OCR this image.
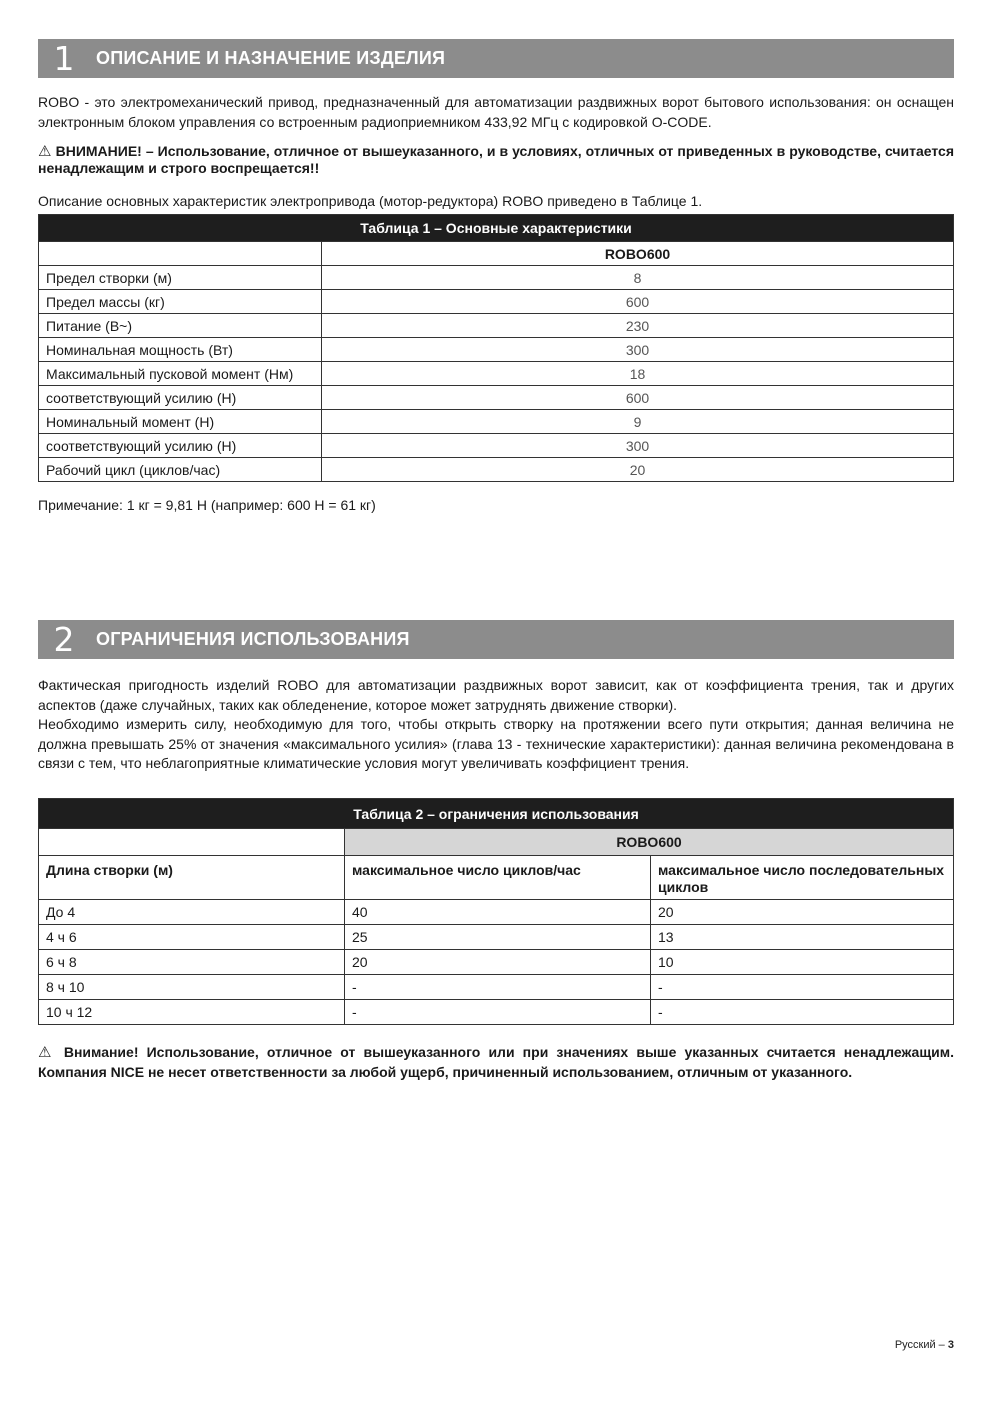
1	ОПИСАНИЕ И НАЗНАЧЕНИЕ ИЗДЕЛИЯ
ROBO - это электромеханический привод, предназначенный для автоматизации раздвижных ворот бытового использования: он оснащен электронным блоком управления со встроенным радиоприемником 433,92 МГц с кодировкой O-CODE.
⚠ ВНИМАНИЕ! – Использование, отличное от вышеуказанного, и в условиях, отличных от приведенных в руководстве, считается ненадлежащим и строго воспрещается!!
Описание основных характеристик электропривода (мотор-редуктора) ROBO приведено в Таблице 1.
Таблица 1 – Основные характеристики	
	ROBO600
Предел створки (м)	8
Предел массы (кг)	600
Питание (В~)	230
Номинальная мощность (Вт)	300
Максимальный пусковой момент (Нм)	18
соответствующий усилию (Н)	600
Номинальный момент (Н)	9
соответствующий усилию (Н)	300
Рабочий цикл (циклов/час)	20
Примечание: 1 кг = 9,81 Н (например: 600 Н = 61 кг)
2	ОГРАНИЧЕНИЯ ИСПОЛЬЗОВАНИЯ
Фактическая пригодность изделий ROBO для автоматизации раздвижных ворот зависит, как от коэффициента трения, так и других аспектов (даже случайных, таких как обледенение, которое может затруднять движение створки).
Необходимо измерить силу, необходимую для того, чтобы открыть створку на протяжении всего пути открытия; данная величина не должна превышать 25% от значения «максимального усилия» (глава 13 - технические характеристики): данная величина рекомендована в связи с тем, что неблагоприятные климатические условия могут увеличивать коэффициент трения.
Таблица 2 – ограничения использования		
	ROBO600	
Длина створки (м)	максимальное число циклов/час	максимальное число последовательных циклов
До 4	40	20
4 ч 6	25	13
6 ч 8	20	10
8 ч 10	-	-
10 ч 12	-	-
⚠ Внимание! Использование, отличное от вышеуказанного или при значениях выше указанных считается ненадлежащим. Компания NICE не несет ответственности за любой ущерб, причиненный использованием, отличным от указанного.
Русский – 3
